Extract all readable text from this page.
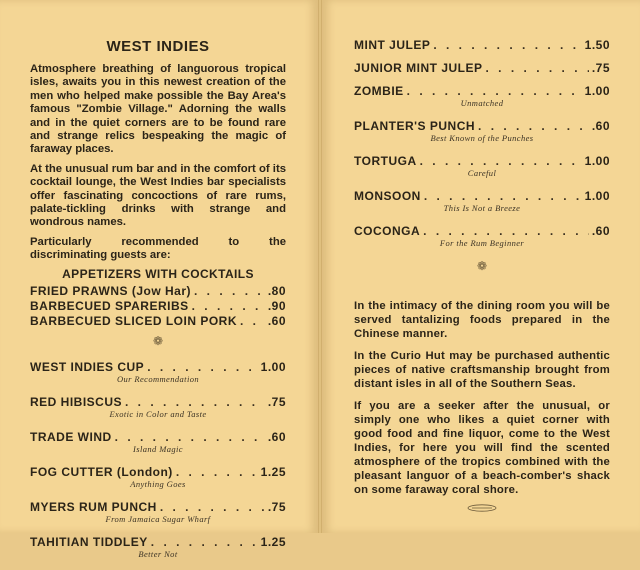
WEST INDIES

Atmosphere breathing of languorous tropical isles, awaits you in this newest creation of the men who helped make possible the Bay Area's famous "Zombie Village." Adorning the walls and in the quiet corners are to be found rare and strange relics bespeaking the magic of faraway places.

At the unusual rum bar and in the comfort of its cocktail lounge, the West Indies bar specialists offer fascinating concoctions of rare rums, palate-tickling drinks with strange and wondrous names.

Particularly recommended to the discriminating guests are:

APPETIZERS WITH COCKTAILS
FRIED PRAWNS (Jow Har) . . .	.80
BARBECUED SPARERIBS . . .	.90
BARBECUED SLICED LOIN PORK . . .	.60
❁
WEST INDIES CUP . . .	1.00
Our Recommendation
RED HIBISCUS . . .	.75
Exotic in Color and Taste
TRADE WIND . . .	.60
Island Magic
FOG CUTTER (London) . . .	1.25
Anything Goes
MYERS RUM PUNCH . . .	.75
From Jamaica Sugar Wharf
TAHITIAN TIDDLEY . . .	1.25
Better Not
MINT JULEP . . .	1.50
JUNIOR MINT JULEP . . .	.75
ZOMBIE . . .	1.00
Unmatched
PLANTER'S PUNCH . . .	.60
Best Known of the Punches
TORTUGA . . .	1.00
Careful
MONSOON . . .	1.00
This Is Not a Breeze
COCONGA . . .	.60
For the Rum Beginner
❁

In the intimacy of the dining room you will be served tantalizing foods prepared in the Chinese manner.

In the Curio Hut may be purchased authentic pieces of native craftsmanship brought from distant isles in all of the Southern Seas.

If you are a seeker after the unusual, or simply one who likes a quiet corner with good food and fine liquor, come to the West Indies, for here you will find the scented atmosphere of the tropics combined with the pleasant languor of a beach-comber's shack on some faraway coral shore.
